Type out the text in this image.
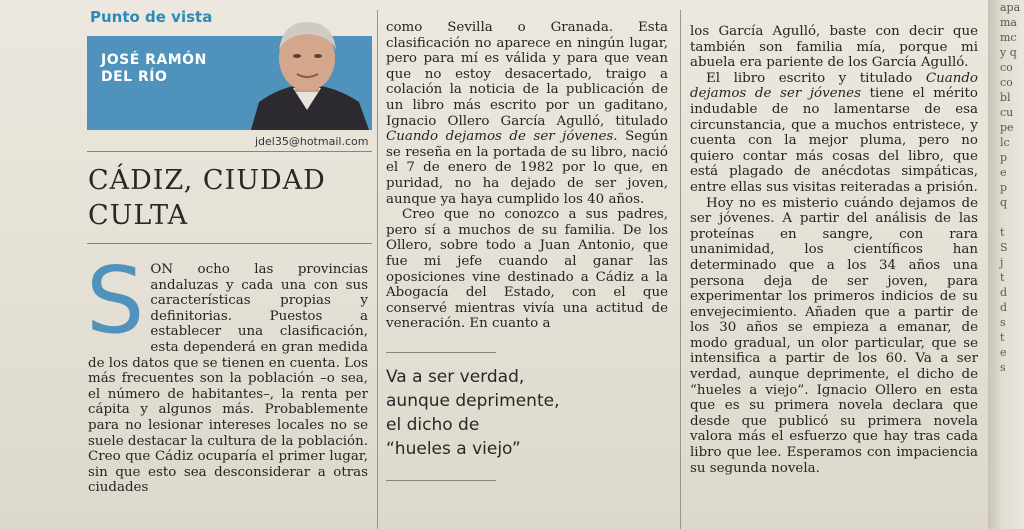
Punto de vista
JOSÉ RAMÓN
DEL RÍO
jdel35@hotmail.com
CÁDIZ, CIUDAD
CULTA

SON ocho las provincias andaluzas y cada una con sus características propias y definitorias. Puestos a establecer una clasificación, esta dependerá en gran medida de los datos que se tienen en cuenta. Los más frecuentes son la población –o sea, el número de habitantes–, la renta per cápita y algunos más. Probablemente para no lesionar intereses locales no se suele destacar la cultura de la población. Creo que Cádiz ocuparía el primer lugar, sin que esto sea desconsiderar a otras ciudades

como Sevilla o Granada. Esta clasificación no aparece en ningún lugar, pero para mí es válida y para que vean que no estoy desacertado, traigo a colación la noticia de la publicación de un libro más escrito por un gaditano, Ignacio Ollero García Agulló, titulado Cuando dejamos de ser jóvenes. Según se reseña en la portada de su libro, nació el 7 de enero de 1982 por lo que, en puridad, no ha dejado de ser joven, aunque ya haya cumplido los 40 años.

Creo que no conozco a sus padres, pero sí a muchos de su familia. De los Ollero, sobre todo a Juan Antonio, que fue mi jefe cuando al ganar las oposiciones vine destinado a Cádiz a la Abogacía del Estado, con el que conservé mientras vivía una actitud de veneración. En cuanto a

Va a ser verdad,
aunque deprimente,
el dicho de
“hueles a viejo”

los García Agulló, baste con decir que también son familia mía, porque mi abuela era pariente de los García Agulló.

El libro escrito y titulado Cuando dejamos de ser jóvenes tiene el mérito indudable de no lamentarse de esa circunstancia, que a muchos entristece, y cuenta con la mejor pluma, pero no quiero contar más cosas del libro, que está plagado de anécdotas simpáticas, entre ellas sus visitas reiteradas a prisión.

Hoy no es misterio cuándo dejamos de ser jóvenes. A partir del análisis de las proteínas en sangre, con rara unanimidad, los científicos han determinado que a los 34 años una persona deja de ser joven, para experimentar los primeros indicios de su envejecimiento. Añaden que a partir de los 30 años se empieza a emanar, de modo gradual, un olor particular, que se intensifica a partir de los 60. Va a ser verdad, aunque deprimente, el dicho de “hueles a viejo”. Ignacio Ollero en esta que es su primera novela declara que desde que publicó su primera novela valora más el esfuerzo que hay tras cada libro que lee. Esperamos con impaciencia su segunda novela.

apa
ma
mc
y q
co
co
bl
cu
pe
lc
p
e
p
q

t
S
j
t
d
d
s
t
e
s
